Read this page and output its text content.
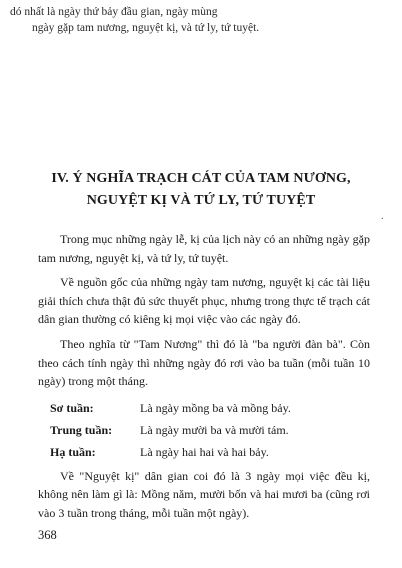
dó nhất là ngày thứ bảy đầu gian, ngày mùng
ngày gặp tam nương, nguyệt kị, và tứ ly, tứ tuyệt.
IV. Ý NGHĨA TRẠCH CÁT CỦA TAM NƯƠNG,
NGUYỆT KỊ VÀ TỨ LY, TỨ TUYỆT
·

Trong mục những ngày lễ, kị của lịch này có an những ngày gặp tam nương, nguyệt kị, và tứ ly, tứ tuyệt.

Về nguồn gốc của những ngày tam nương, nguyệt kị các tài liệu giải thích chưa thật đủ sức thuyết phục, nhưng trong thực tế trạch cát dân gian thường có kiêng kị mọi việc vào các ngày đó.

Theo nghĩa từ "Tam Nương" thì đó là "ba người đàn bà". Còn theo cách tính ngày thì những ngày đó rơi vào ba tuần (mỗi tuần 10 ngày) trong một tháng.

Sơ tuần:	Là ngày mồng ba và mồng bảy.
Trung tuần:	Là ngày mười ba và mười tám.
Hạ tuần:	Là ngày hai hai và hai bảy.

Về "Nguyệt kị" dân gian coi đó là 3 ngày mọi việc đều kị, không nên làm gì là: Mồng năm, mười bốn và hai mươi ba (cũng rơi vào 3 tuần trong tháng, mỗi tuần một ngày).

368
